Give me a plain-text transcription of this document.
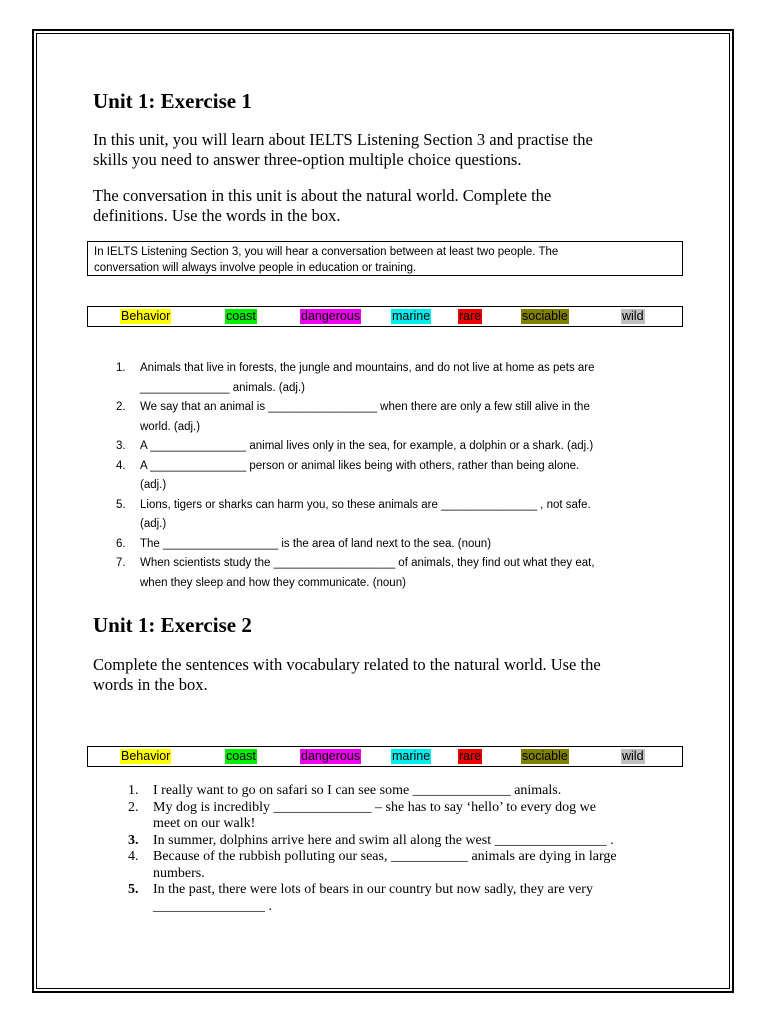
Unit 1: Exercise 1
In this unit, you will learn about IELTS Listening Section 3 and practise the
skills you need to answer three-option multiple choice questions.
The conversation in this unit is about the natural world. Complete the
definitions. Use the words in the box.
In IELTS Listening Section 3, you will hear a conversation between at least two people. The
conversation will always involve people in education or training.
Behavior	coast	dangerous	marine rare	sociable	wild
1. Animals that live in forests, the jungle and mountains, and do not live at home as pets are
______________ animals. (adj.)
2. We say that an animal is _________________ when there are only a few still alive in the
world. (adj.)
3. A _______________ animal lives only in the sea, for example, a dolphin or a shark. (adj.)
4. A _______________ person or animal likes being with others, rather than being alone.
(adj.)
5. Lions, tigers or sharks can harm you, so these animals are _______________ , not safe.
(adj.)
6. The __________________ is the area of land next to the sea. (noun)
7. When scientists study the ___________________ of animals, they find out what they eat,
when they sleep and how they communicate. (noun)
Unit 1: Exercise 2
Complete the sentences with vocabulary related to the natural world. Use the
words in the box.
Behavior	coast	dangerous	marine rare	sociable	wild
1. I really want to go on safari so I can see some ______________ animals.
2. My dog is incredibly ______________ – she has to say ‘hello’ to every dog we
meet on our walk!
3. In summer, dolphins arrive here and swim all along the west ________________ .
4. Because of the rubbish polluting our seas, ___________ animals are dying in large
numbers.
5. In the past, there were lots of bears in our country but now sadly, they are very
________________ .
